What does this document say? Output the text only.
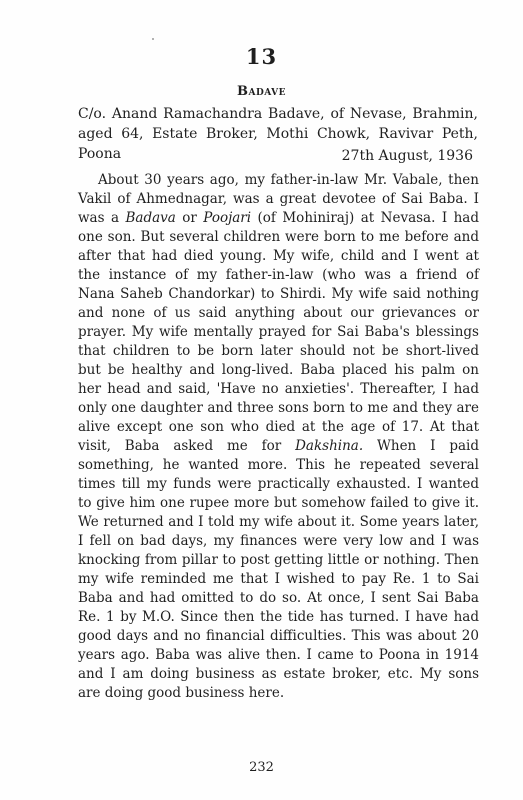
13
Badave
C/o. Anand Ramachandra Badave, of Nevase, Brahmin, aged 64, Estate Broker, Mothi Chowk, Ravivar Peth, Poona	27th August, 1936

About 30 years ago, my father-in-law Mr. Vabale, then Vakil of Ahmednagar, was a great devotee of Sai Baba. I was a Badava or Poojari (of Mohiniraj) at Nevasa. I had one son. But several children were born to me before and after that had died young. My wife, child and I went at the instance of my father-in-law (who was a friend of Nana Saheb Chandorkar) to Shirdi. My wife said nothing and none of us said anything about our grievances or prayer. My wife mentally prayed for Sai Baba's blessings that children to be born later should not be short-lived but be healthy and long-lived. Baba placed his palm on her head and said, 'Have no anxieties'. Thereafter, I had only one daughter and three sons born to me and they are alive except one son who died at the age of 17. At that visit, Baba asked me for Dakshina. When I paid something, he wanted more. This he repeated several times till my funds were practically exhausted. I wanted to give him one rupee more but somehow failed to give it. We returned and I told my wife about it. Some years later, I fell on bad days, my finances were very low and I was knocking from pillar to post getting little or nothing. Then my wife reminded me that I wished to pay Re. 1 to Sai Baba and had omitted to do so. At once, I sent Sai Baba Re. 1 by M.O. Since then the tide has turned. I have had good days and no financial difficulties. This was about 20 years ago. Baba was alive then. I came to Poona in 1914 and I am doing business as estate broker, etc. My sons are doing good business here.

232
